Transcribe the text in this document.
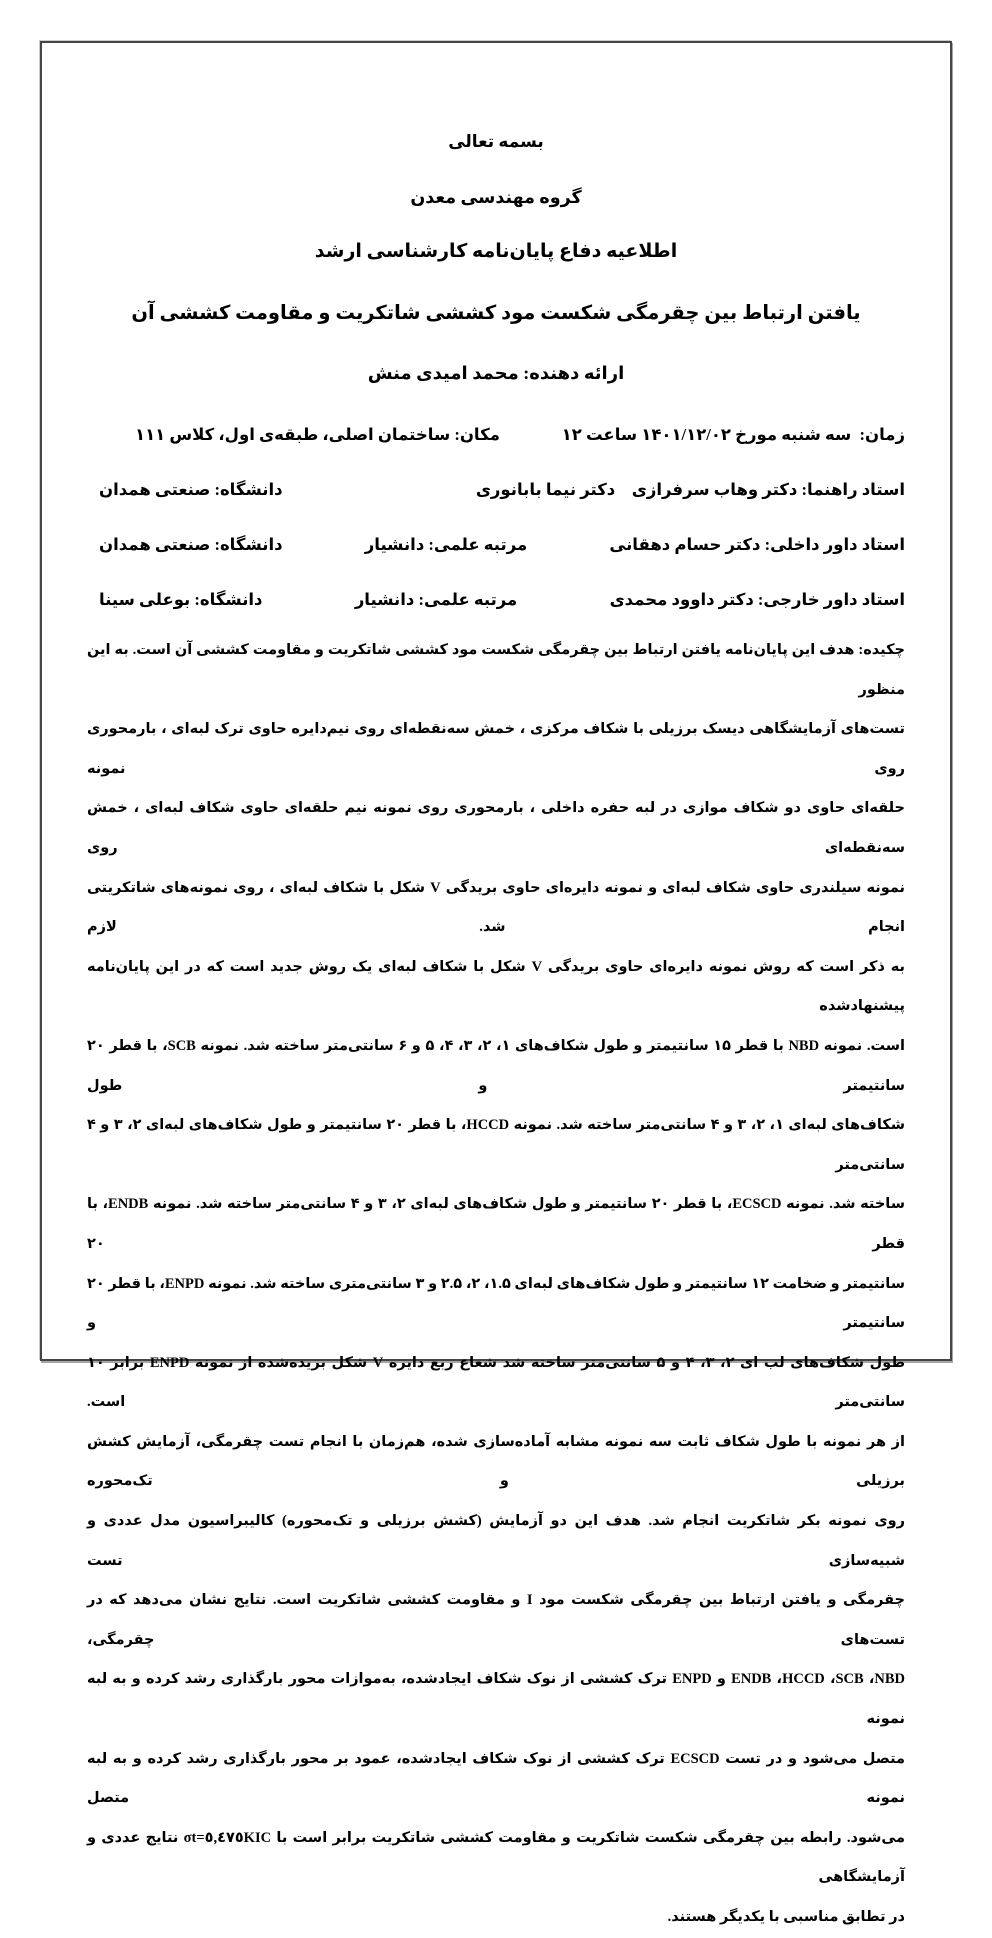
بسمه تعالی
گروه مهندسی معدن
اطلاعیه دفاع پایان‌نامه کارشناسی ارشد
یافتن ارتباط بین چقرمگی شکست مود کششی شاتکریت و مقاومت کششی آن
ارائه دهنده: محمد امیدی منش
زمان:  سه شنبه مورخ ۱۴۰۱/۱۲/۰۲ ساعت ۱۲
مکان: ساختمان اصلی، طبقه‌ی اول، کلاس ۱۱۱
استاد راهنما: دکتر وهاب سرفرازی    دکتر نیما بابانوری
دانشگاه: صنعتی همدان
استاد داور داخلی: دکتر حسام دهقانی
مرتبه علمی: دانشیار
دانشگاه: صنعتی همدان
استاد داور خارجی: دکتر داوود محمدی
مرتبه علمی: دانشیار
دانشگاه: بوعلی سینا
چکیده: هدف این پایان‌نامه یافتن ارتباط بین چقرمگی شکست مود کششی شاتکریت و مقاومت کششی آن است. به این منظور
تست‌های آزمایشگاهی دیسک برزیلی با شکاف مرکزی ، خمش سه‌نقطه‌ای روی نیم‌دایره حاوی ترک لبه‌ای ، بارمحوری روی نمونه
حلقه‌ای حاوی دو شکاف موازی در لبه حفره داخلی ، بارمحوری روی نمونه نیم حلقه‌ای حاوی شکاف لبه‌ای ، خمش سه‌نقطه‌ای روی
نمونه سیلندری حاوی شکاف لبه‌ای و نمونه دایره‌ای حاوی بریدگی V شکل با شکاف لبه‌ای ، روی نمونه‌های شاتکریتی انجام شد. لازم
به ذکر است که روش نمونه دایره‌ای حاوی بریدگی V شکل با شکاف لبه‌ای یک روش جدید است که در این پایان‌نامه پیشنهادشده
است. نمونه NBD با قطر ۱۵ سانتیمتر و طول شکاف‌های ۱، ۲، ۳، ۴، ۵ و ۶ سانتی‌متر ساخته شد. نمونه SCB، با قطر ۲۰ سانتیمتر و طول
شکاف‌های لبه‌ای ۱، ۲، ۳ و ۴ سانتی‌متر ساخته شد. نمونه HCCD، با قطر ۲۰ سانتیمتر و طول شکاف‌های لبه‌ای ۲، ۳ و ۴ سانتی‌متر
ساخته شد. نمونه ECSCD، با قطر ۲۰ سانتیمتر و طول شکاف‌های لبه‌ای ۲، ۳ و ۴ سانتی‌متر ساخته شد. نمونه ENDB، با قطر ۲۰
سانتیمتر و ضخامت ۱۲ سانتیمتر و طول شکاف‌های لبه‌ای ۱.۵، ۲، ۲.۵ و ۳ سانتی‌متری ساخته شد. نمونه ENPD، با قطر ۲۰ سانتیمتر و
طول شکاف‌های لب ای ۲، ۳، ۴ و ۵ سانتی‌متر ساخته شد شعاع ربع دایره V شکل بریده‌شده از نمونه ENPD برابر ۱۰ سانتی‌متر است.
از هر نمونه با طول شکاف ثابت سه نمونه مشابه آماده‌سازی شده، هم‌زمان با انجام تست چقرمگی، آزمایش کشش برزیلی و تک‌محوره
روی نمونه بکر شاتکریت انجام شد. هدف این دو آزمایش (کشش برزیلی و تک‌محوره) کالیبراسیون مدل عددی و شبیه‌سازی تست
چقرمگی و یافتن ارتباط بین چقرمگی شکست مود I و مقاومت کششی شاتکریت است. نتایج نشان می‌دهد که در تست‌های چقرمگی،
NBD،‏ SCB،‏ HCCD،‏ ENDB و ENPD ترک کششی از نوک شکاف ایجادشده، به‌موازات محور بارگذاری رشد کرده و به لبه نمونه
متصل می‌شود و در تست ECSCD ترک کششی از نوک شکاف ایجادشده، عمود بر محور بارگذاری رشد کرده و به لبه نمونه متصل
می‌شود. رابطه بین چقرمگی شکست شاتکریت و مقاومت کششی شاتکریت برابر است با ‪σt=٥,٤٧٥KIC‬ نتایج عددی و آزمایشگاهی
در تطابق مناسبی با یکدیگر هستند.
